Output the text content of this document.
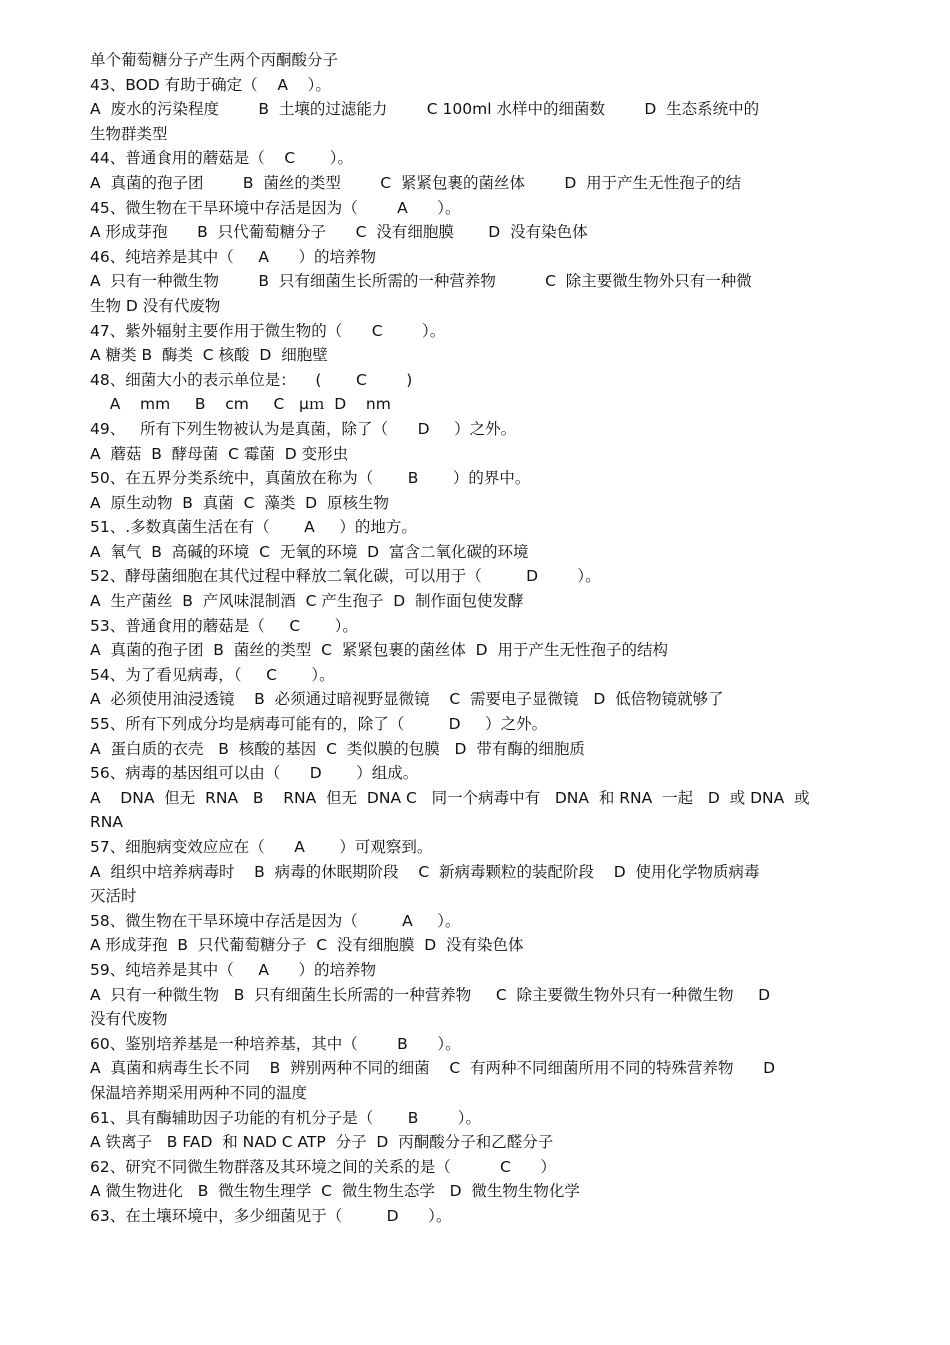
单个葡萄糖分子产生两个丙酮酸分子
43、BOD 有助于确定（    A    ）。
A  废水的污染程度        B  土壤的过滤能力        C 100ml 水样中的细菌数        D  生态系统中的
生物群类型
44、普通食用的蘑菇是（    C       ）。
A  真菌的孢子团        B  菌丝的类型        C  紧紧包裹的菌丝体        D  用于产生无性孢子的结
45、微生物在干旱环境中存活是因为（        A      ）。
A 形成芽孢      B  只代葡萄糖分子      C  没有细胞膜       D  没有染色体
46、纯培养是其中（     A      ）的培养物
A  只有一种微生物        B  只有细菌生长所需的一种营养物          C  除主要微生物外只有一种微
生物 D 没有代废物
47、紫外辐射主要作用于微生物的（      C        ）。
A 糖类 B  酶类  C 核酸  D  细胞壁
48、细菌大小的表示单位是：    (       C        )
A    mm     B    cm     C   μｍ  D    nm
49、   所有下列生物被认为是真菌，除了（      D     ）之外。
A  蘑菇  B  酵母菌  C 霉菌  D 变形虫
50、在五界分类系统中，真菌放在称为（       B       ）的界中。
A  原生动物  B  真菌  C  藻类  D  原核生物
51、.多数真菌生活在有（       A     ）的地方。
A  氧气  B  高碱的环境  C  无氧的环境  D  富含二氧化碳的环境
52、酵母菌细胞在其代过程中释放二氧化碳，可以用于（         D        ）。
A  生产菌丝  B  产风味混制酒  C 产生孢子  D  制作面包使发酵
53、普通食用的蘑菇是（     C       ）。
A  真菌的孢子团  B  菌丝的类型  C  紧紧包裹的菌丝体  D  用于产生无性孢子的结构
54、为了看见病毒，（     C       ）。
A  必须使用油浸透镜    B  必须通过暗视野显微镜    C  需要电子显微镜   D  低倍物镜就够了
55、所有下列成分均是病毒可能有的，除了（         D     ）之外。
A  蛋白质的衣壳   B  核酸的基因  C  类似膜的包膜   D  带有酶的细胞质
56、病毒的基因组可以由（      D       ）组成。
A    DNA  但无  RNA   B    RNA  但无  DNA C   同一个病毒中有   DNA  和 RNA  一起   D  或 DNA  或
RNA
57、细胞病变效应应在（      A       ）可观察到。
A  组织中培养病毒时    B  病毒的休眠期阶段    C  新病毒颗粒的装配阶段    D  使用化学物质病毒
灭活时
58、微生物在干旱环境中存活是因为（         A     ）。
A 形成芽孢  B  只代葡萄糖分子  C  没有细胞膜  D  没有染色体
59、纯培养是其中（     A      ）的培养物
A  只有一种微生物   B  只有细菌生长所需的一种营养物     C  除主要微生物外只有一种微生物     D
没有代废物
60、鉴别培养基是一种培养基，其中（        B      ）。
A  真菌和病毒生长不同    B  辨别两种不同的细菌    C  有两种不同细菌所用不同的特殊营养物      D
保温培养期采用两种不同的温度
61、具有酶辅助因子功能的有机分子是（       B        ）。
A 铁离子   B FAD  和 NAD C ATP  分子  D  丙酮酸分子和乙醛分子
62、研究不同微生物群落及其环境之间的关系的是（          C      ）
A 微生物进化   B  微生物生理学  C  微生物生态学   D  微生物生物化学
63、在土壤环境中，多少细菌见于（         D      ）。
